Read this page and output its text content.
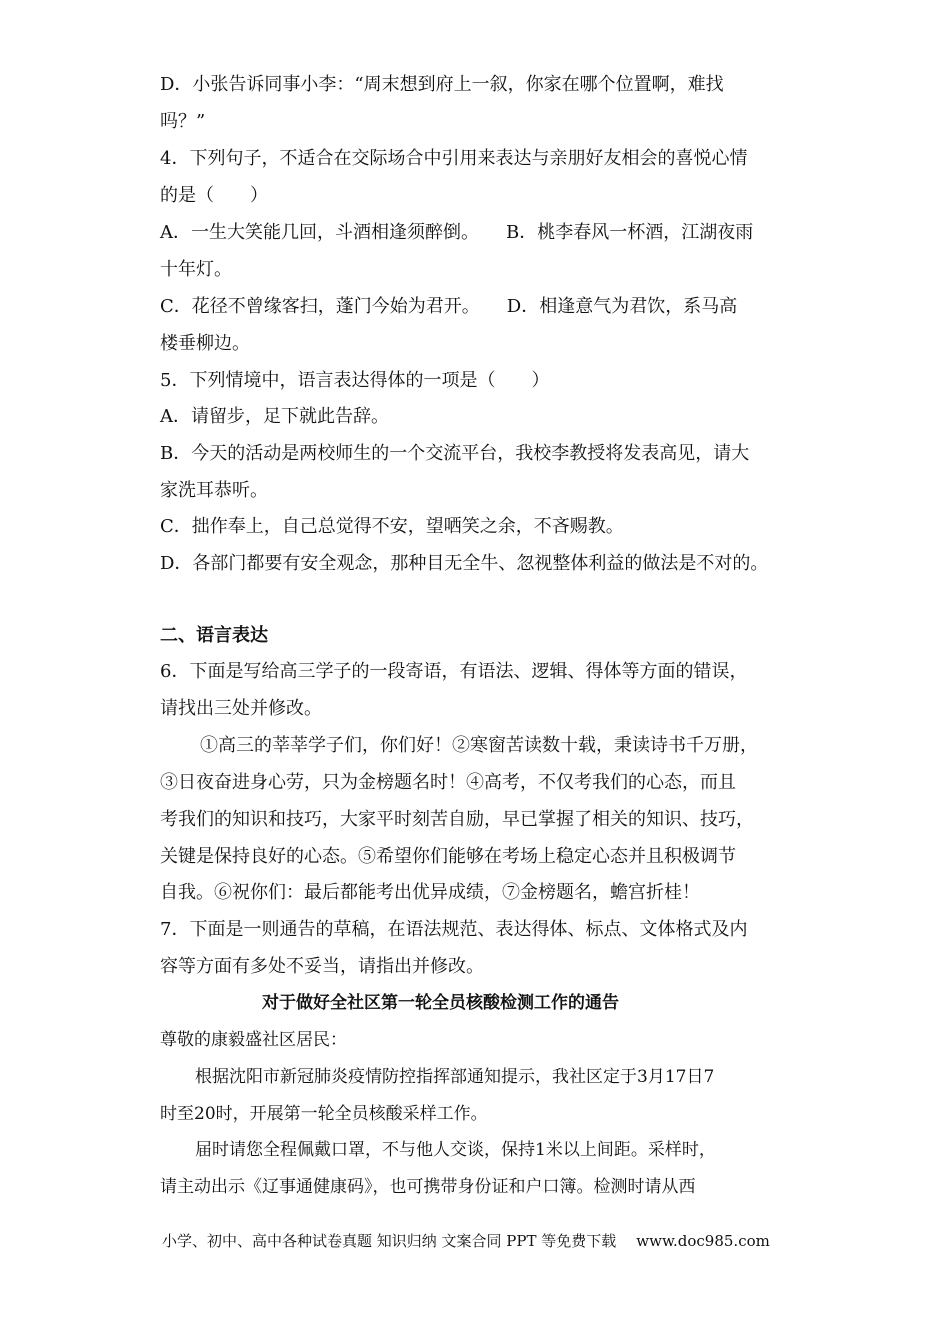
D．小张告诉同事小李：“周末想到府上一叙，你家在哪个位置啊，难找
吗？”
4．下列句子，不适合在交际场合中引用来表达与亲朋好友相会的喜悦心情
的是（　　）
A．一生大笑能几回，斗酒相逢须醉倒。　　B．桃李春风一杯酒，江湖夜雨
十年灯。
C．花径不曾缘客扫，蓬门今始为君开。　　D．相逢意气为君饮，系马高
楼垂柳边。
5．下列情境中，语言表达得体的一项是（　　）
A．请留步，足下就此告辞。
B．今天的活动是两校师生的一个交流平台，我校李教授将发表高见，请大
家洗耳恭听。
C．拙作奉上，自己总觉得不安，望哂笑之余，不吝赐教。
D．各部门都要有安全观念，那种目无全牛、忽视整体利益的做法是不对的。
二、语言表达
6．下面是写给高三学子的一段寄语，有语法、逻辑、得体等方面的错误，
请找出三处并修改。
①高三的莘莘学子们，你们好！②寒窗苦读数十载，秉读诗书千万册，
③日夜奋进身心劳，只为金榜题名时！④高考，不仅考我们的心态，而且
考我们的知识和技巧，大家平时刻苦自励，早已掌握了相关的知识、技巧，
关键是保持良好的心态。⑤希望你们能够在考场上稳定心态并且积极调节
自我。⑥祝你们：最后都能考出优异成绩，⑦金榜题名，蟾宫折桂！
7．下面是一则通告的草稿，在语法规范、表达得体、标点、文体格式及内
容等方面有多处不妥当，请指出并修改。
对于做好全社区第一轮全员核酸检测工作的通告
尊敬的康毅盛社区居民：
根据沈阳市新冠肺炎疫情防控指挥部通知提示，我社区定于3月17日7
时至20时，开展第一轮全员核酸采样工作。
届时请您全程佩戴口罩，不与他人交谈，保持1米以上间距。采样时，
请主动出示《辽事通健康码》，也可携带身份证和户口簿。检测时请从西
小学、初中、高中各种试卷真题 知识归纳 文案合同 PPT 等免费下载 www.doc985.com
